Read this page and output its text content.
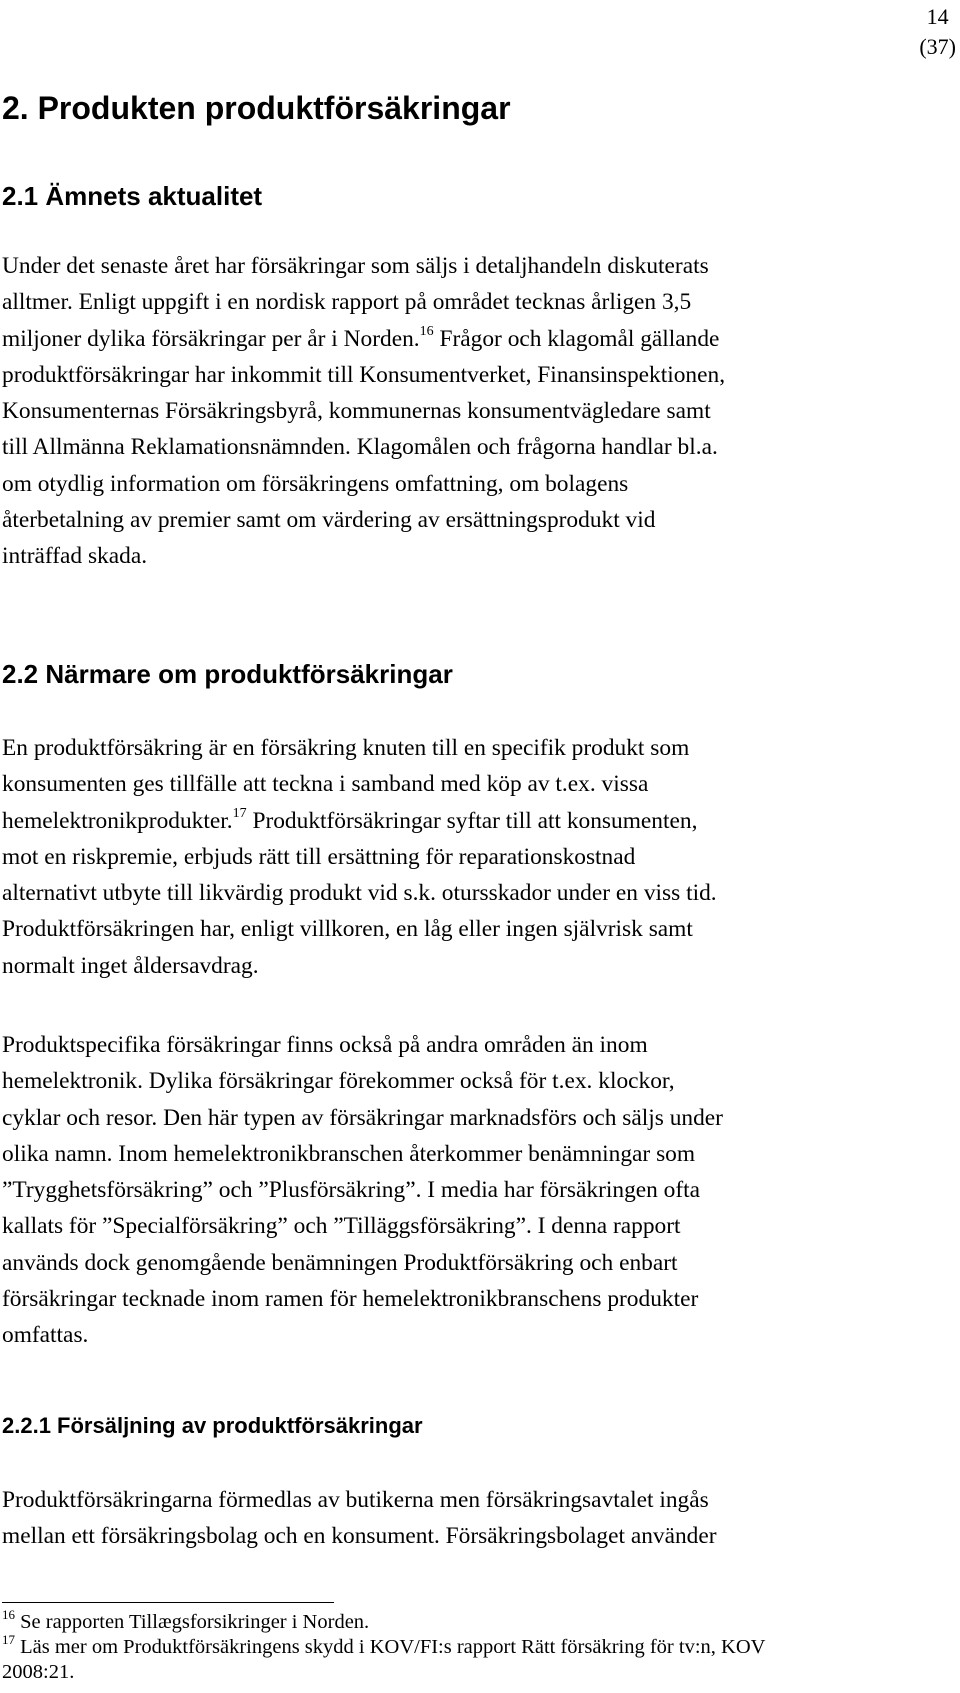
14
(37)
2. Produkten produktförsäkringar
2.1 Ämnets aktualitet
Under det senaste året har försäkringar som säljs i detaljhandeln diskuterats
alltmer. Enligt uppgift i en nordisk rapport på området tecknas årligen 3,5
miljoner dylika försäkringar per år i Norden.$^{16}$ Frågor och klagomål gällande
produktförsäkringar har inkommit till Konsumentverket, Finansinspektionen,
Konsumenternas Försäkringsbyrå, kommunernas konsumentvägledare samt
till Allmänna Reklamationsnämnden. Klagomålen och frågorna handlar bl.a.
om otydlig information om försäkringens omfattning, om bolagens
återbetalning av premier samt om värdering av ersättningsprodukt vid
inträffad skada.
2.2 Närmare om produktförsäkringar
En produktförsäkring är en försäkring knuten till en specifik produkt som
konsumenten ges tillfälle att teckna i samband med köp av t.ex. vissa
hemelektronikprodukter.$^{17}$ Produktförsäkringar syftar till att konsumenten,
mot en riskpremie, erbjuds rätt till ersättning för reparationskostnad
alternativt utbyte till likvärdig produkt vid s.k. otursskador under en viss tid.
Produktförsäkringen har, enligt villkoren, en låg eller ingen självrisk samt
normalt inget åldersavdrag.
Produktspecifika försäkringar finns också på andra områden än inom
hemelektronik. Dylika försäkringar förekommer också för t.ex. klockor,
cyklar och resor. Den här typen av försäkringar marknadsförs och säljs under
olika namn. Inom hemelektronikbranschen återkommer benämningar som
”Trygghetsförsäkring” och ”Plusförsäkring”. I media har försäkringen ofta
kallats för ”Specialförsäkring” och ”Tilläggsförsäkring”. I denna rapport
används dock genomgående benämningen Produktförsäkring och enbart
försäkringar tecknade inom ramen för hemelektronikbranschens produkter
omfattas.
2.2.1 Försäljning av produktförsäkringar
Produktförsäkringarna förmedlas av butikerna men försäkringsavtalet ingås
mellan ett försäkringsbolag och en konsument. Försäkringsbolaget använder
$^{16}$ Se rapporten Tillægsforsikringer i Norden.
$^{17}$ Läs mer om Produktförsäkringens skydd i KOV/FI:s rapport Rätt försäkring för tv:n, KOV
2008:21.
